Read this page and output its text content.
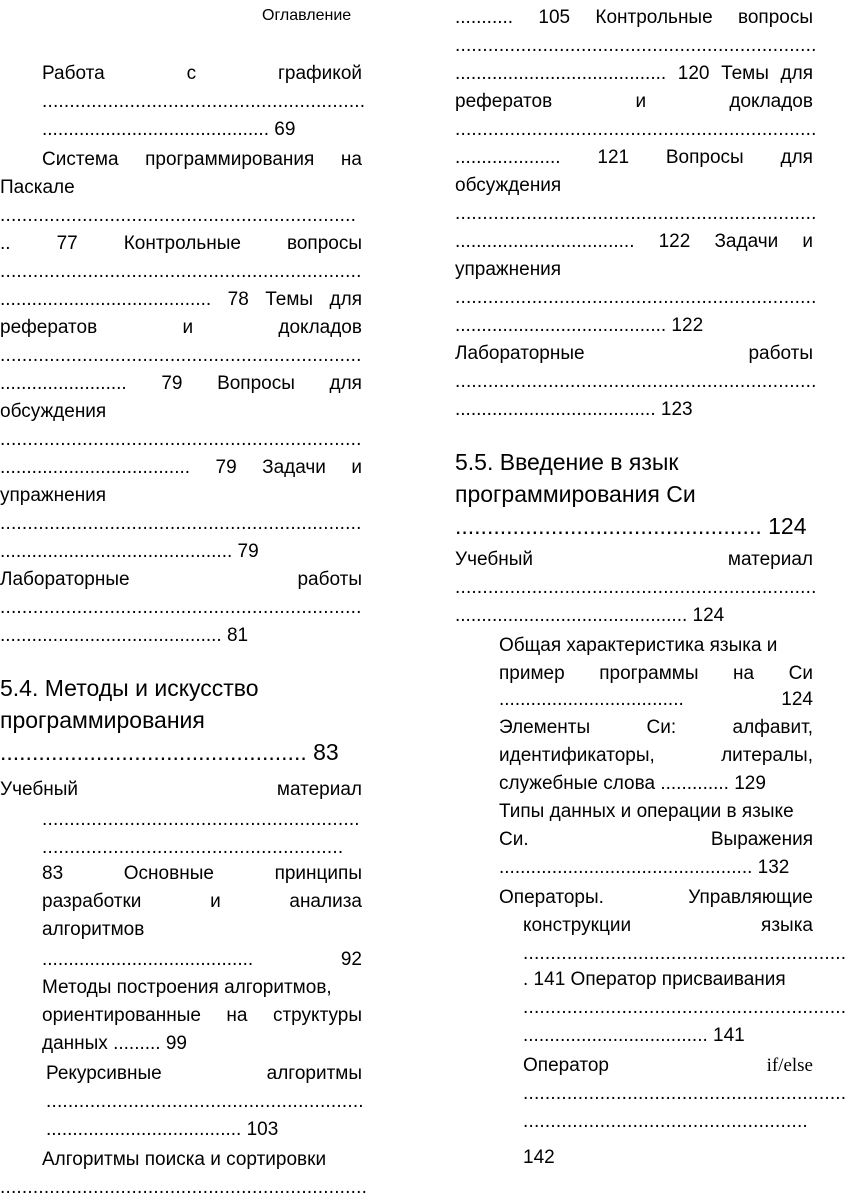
Оглавление
Работа	с	графикой
...........................................................
........................................... 69
Система программирования на
Паскале
.................................................................
.. 77 Контрольные вопросы
..................................................................
........................................ 78 Темы для
рефератов	и	докладов
..................................................................
........................ 79 Вопросы для
обсуждения
..................................................................
.................................... 79 Задачи и
упражнения
..................................................................
............................................ 79
Лабораторные	работы
..................................................................
.......................................... 81
5.4. Методы и искусство
программирования
................................................ 83
Учебный	материал
..........................................................
.......................................................
83	Основные	принципы
разработки	и	анализа
алгоритмов
........................................	92
Методы построения алгоритмов,
ориентированные на структуры
данных ......... 99
Рекурсивные	алгоритмы
..........................................................
..................................... 103
Алгоритмы поиска и сортировки
...................................................................
........... 105 Контрольные вопросы
..................................................................
........................................ 120 Темы для
рефератов	и	докладов
..................................................................
.................... 121 Вопросы для
обсуждения
..................................................................
.................................. 122 Задачи и
упражнения
..................................................................
........................................ 122
Лабораторные	работы
..................................................................
...................................... 123
5.5. Введение в язык
программирования Си
................................................ 124
Учебный	материал
..................................................................
............................................ 124
Общая характеристика языка и
пример программы на Си
...................................	124
Элементы	Си:	алфавит,
идентификаторы,	литералы,
служебные слова ............. 129
Типы данных и операции в языке
Си.	Выражения
................................................ 132
Операторы.	Управляющие
конструкции	языка
...........................................................
. 141 Оператор присваивания
...........................................................
................................... 141
Оператор	if/else
...........................................................
....................................................
142
